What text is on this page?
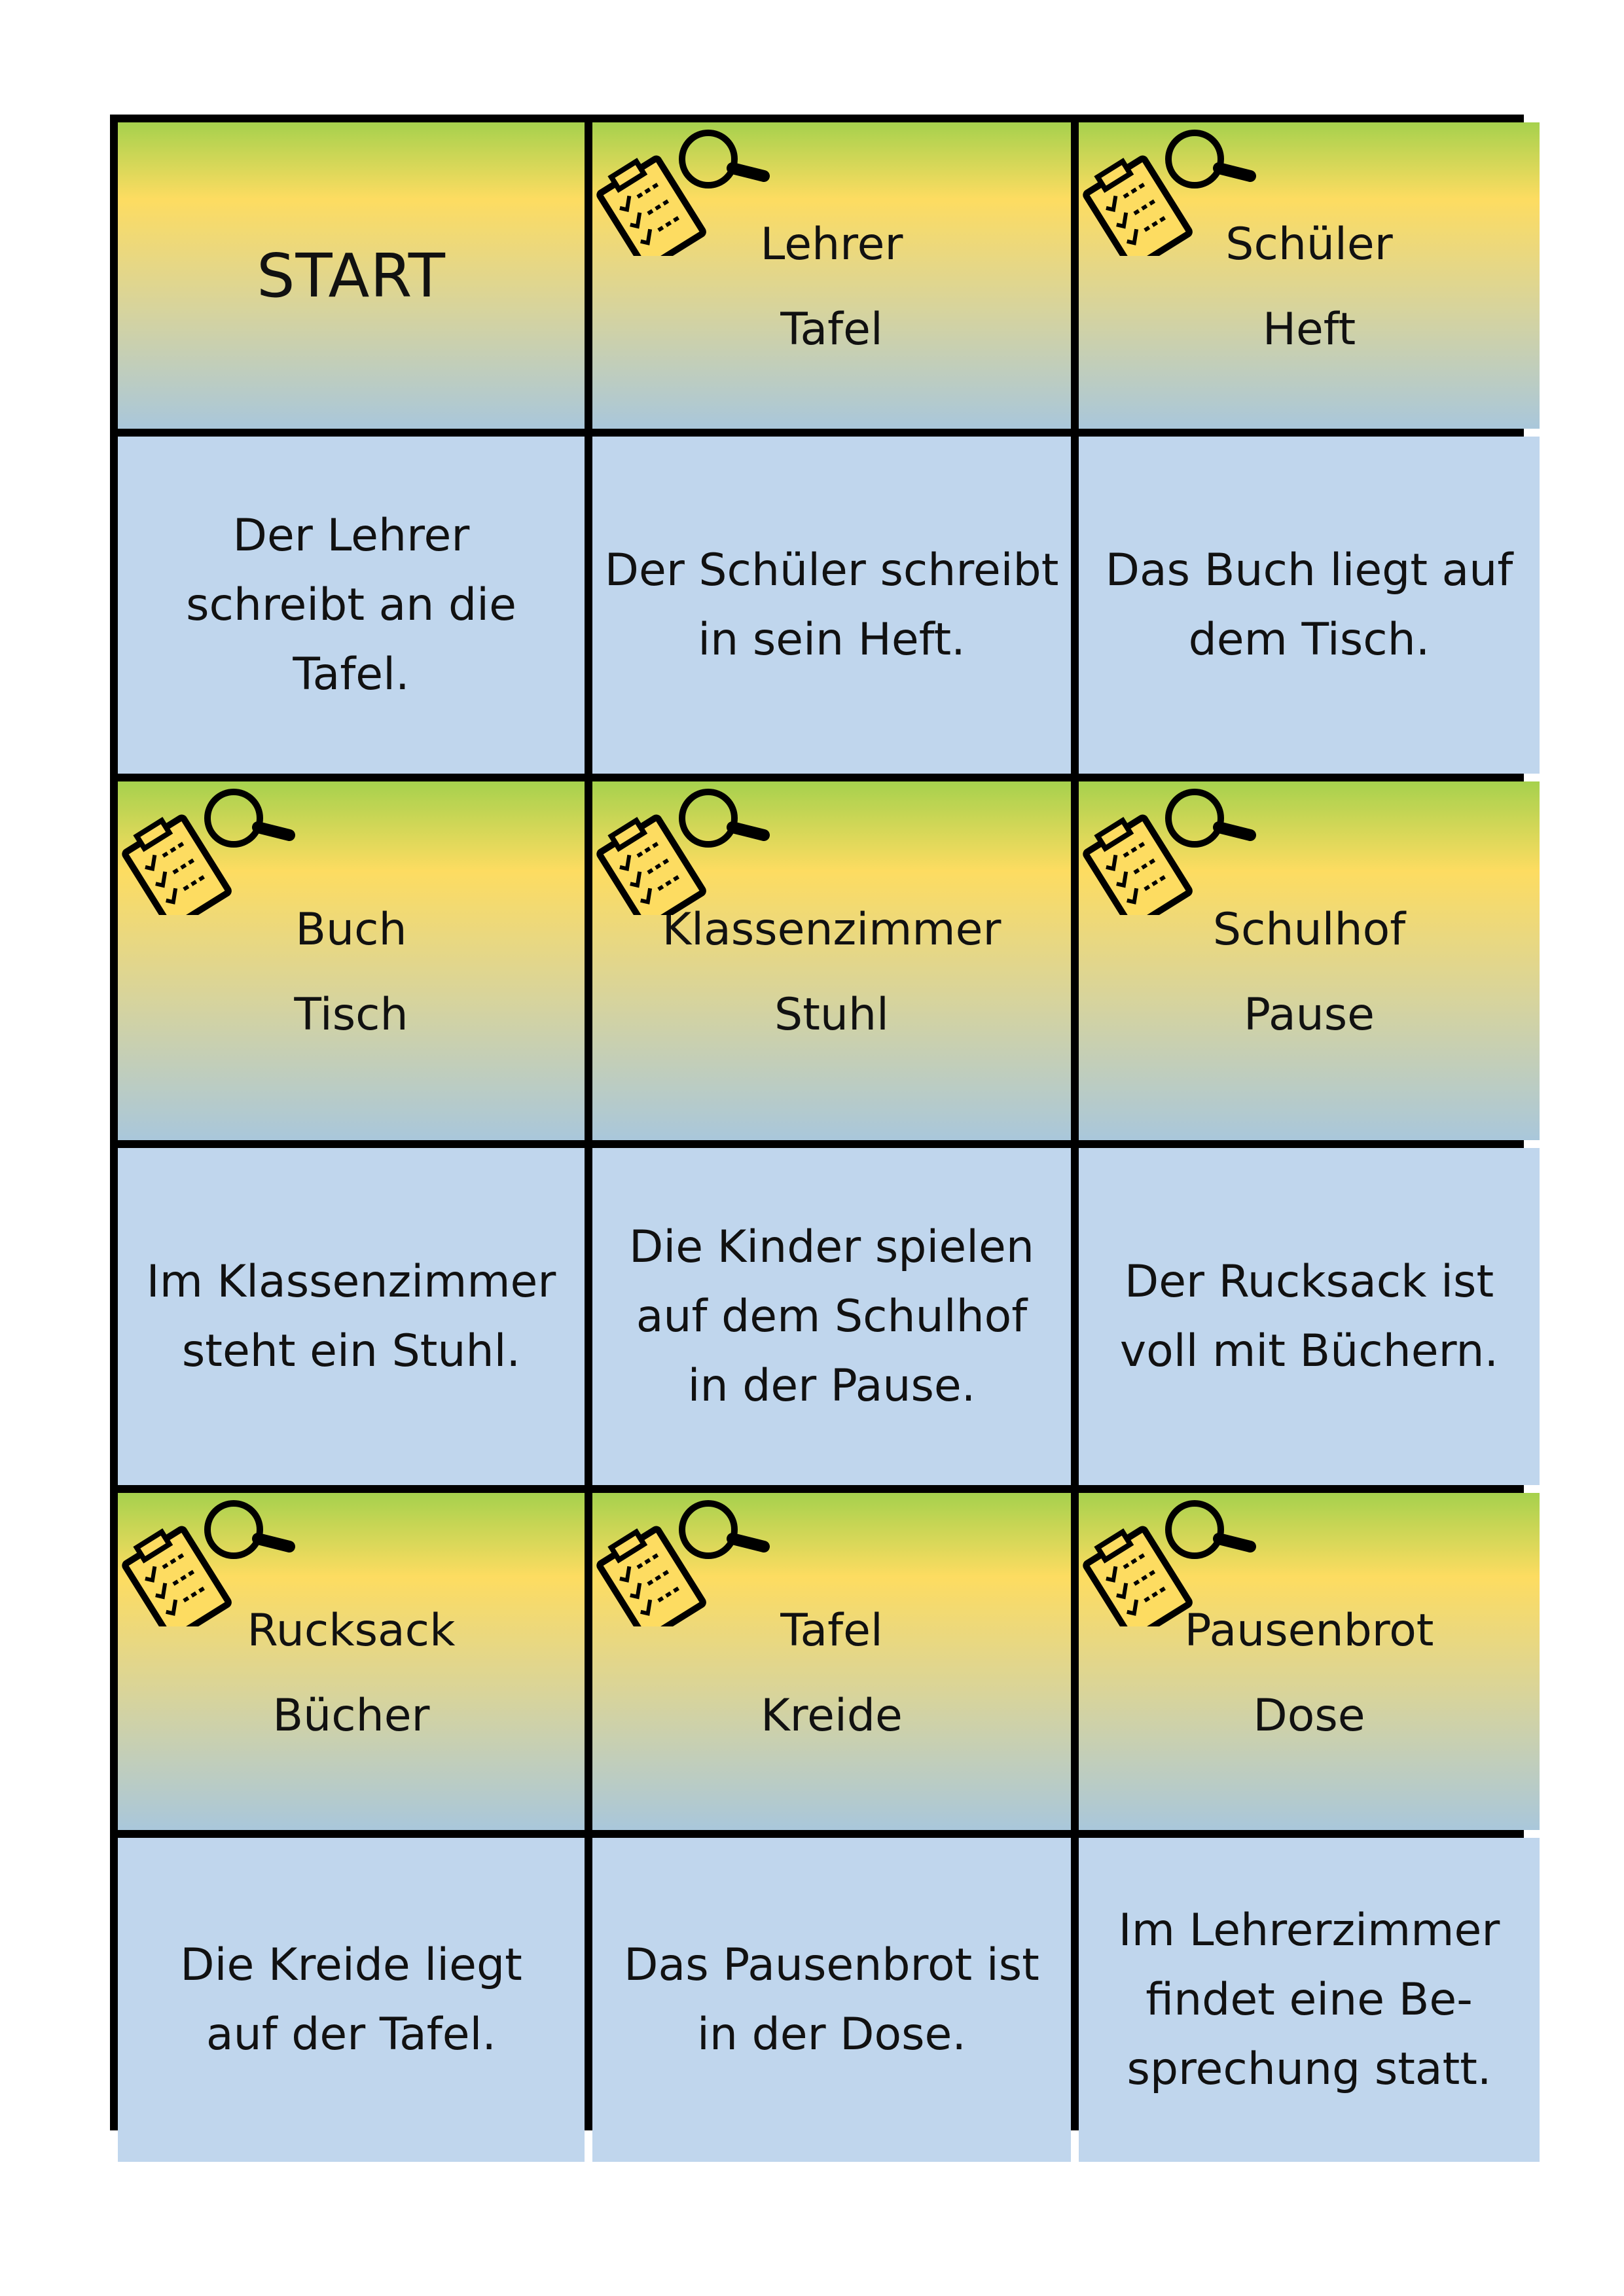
START	Lehrer
Tafel
Schüler
Heft
Der Lehrer
schreibt an die
Tafel.
Der Schüler schreibt
in sein Heft.
Das Buch liegt auf
dem Tisch.
Buch
Tisch
Klassenzimmer
Stuhl
Schulhof
Pause
Im Klassenzimmer
steht ein Stuhl.
Die Kinder spielen
auf dem Schulhof
in der Pause.
Der Rucksack ist
voll mit Büchern.
Rucksack
Bücher
Tafel
Kreide
Pausenbrot
Dose
Die Kreide liegt
auf der Tafel.
Das Pausenbrot ist
in der Dose.
Im Lehrerzimmer
findet eine Be-
sprechung statt.
